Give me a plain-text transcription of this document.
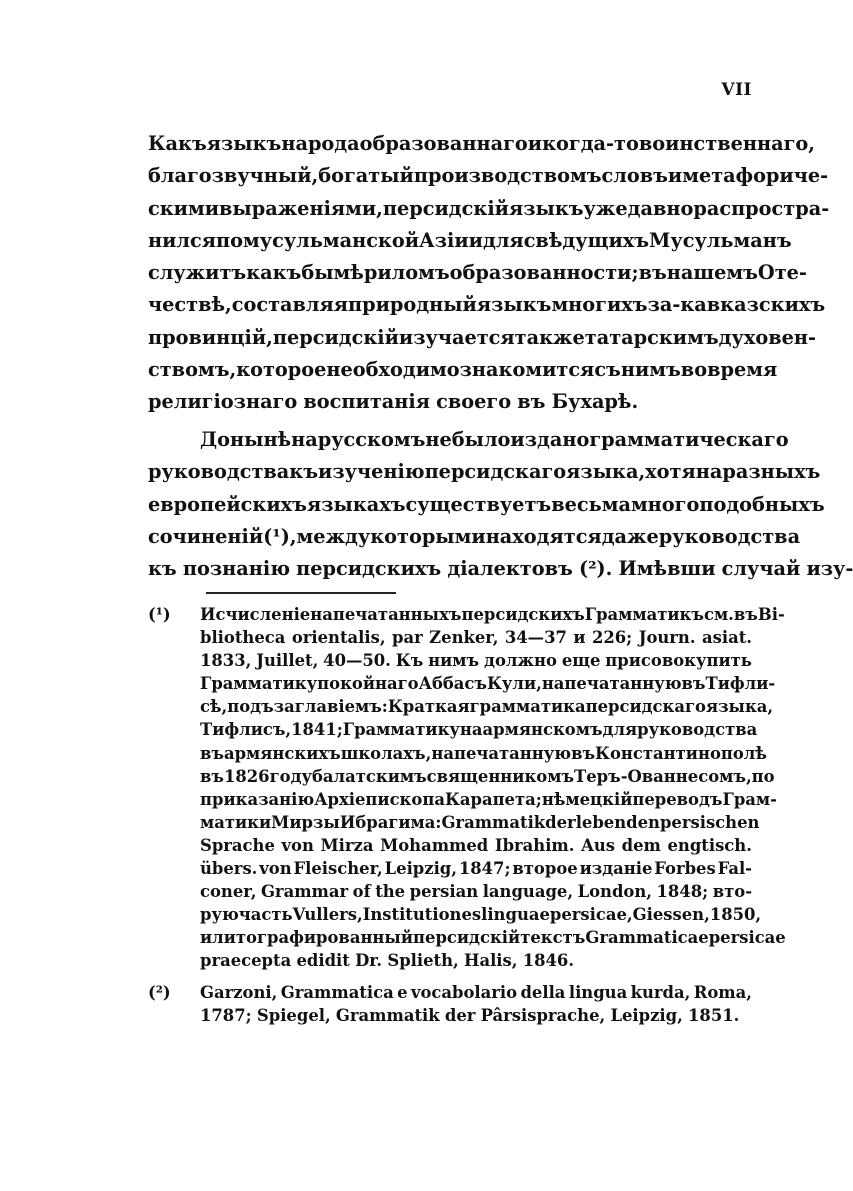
VII
Какъ языкъ народа образованнаго и когда-то воинственнаго,
благозвучный, богатый производствомъ словъ и метафориче-
скими выраженіями, персидскій языкъ уже давно распростра-
нился по мусульманской Азіи и для свѣдущихъ Мусульманъ
служитъ какъ бы мѣриломъ образованности; въ нашемъ Оте-
чествѣ, составляя природный языкъ многихъ за-кавказскихъ
провинцій, персидскій изучается также татарскимъ духовен-
ствомъ, которое необходимо знакомится съ нимъ во время
религіознаго воспитанія своего въ Бухарѣ.
Донынѣ на русскомъ не было издано грамматическаго
руководства къ изученію персидскаго языка, хотя на разныхъ
европейскихъ языкахъ существуетъ весьма много подобныхъ
сочиненій (¹), между которыми находятся даже руководства
къ познанію персидскихъ діалектовъ (²). Имѣвши случай изу-
(¹) Исчисленіе напечатанныхъ персидскихъ Грамматикъ см. въ Bi-
bliotheca orientalis, par Zenker, 34—37 и 226; Journ. asiat.
1833, Juillet, 40—50. Къ нимъ должно еще присовокупить
Грамматику покойнаго Аббасъ Кули, напечатанную въ Тифли-
сѣ, подъ заглавіемъ: Краткая грамматика персидскаго языка,
Тифлисъ, 1841; Грамматику на армянскомъ для руководства
въ армянскихъ школахъ, напечатанную въ Константинополѣ
въ 1826 году балатскимъ священникомъ Теръ-Ованнесомъ, по
приказанію Архіепископа Карапета; нѣмецкій переводъ Грам-
матики Мирзы Ибрагима: Grammatik der lebenden persischen
Sprache von Mirza Mohammed Ibrahim. Aus dem engtisch.
übers. von Fleischer, Leipzig, 1847; второе изданіе Forbes Fal-
coner, Grammar of the persian language, London, 1848; вто-
рую часть Vullers, Institutiones linguae persicae, Giessen, 1850,
и литографированный персидскій текстъ Grammaticae persicae
praecepta edidit Dr. Splieth, Halis, 1846.
(²) Garzoni, Grammatica e vocabolario della lingua kurda, Roma,
1787; Spiegel, Grammatik der Pârsisprache, Leipzig, 1851.
